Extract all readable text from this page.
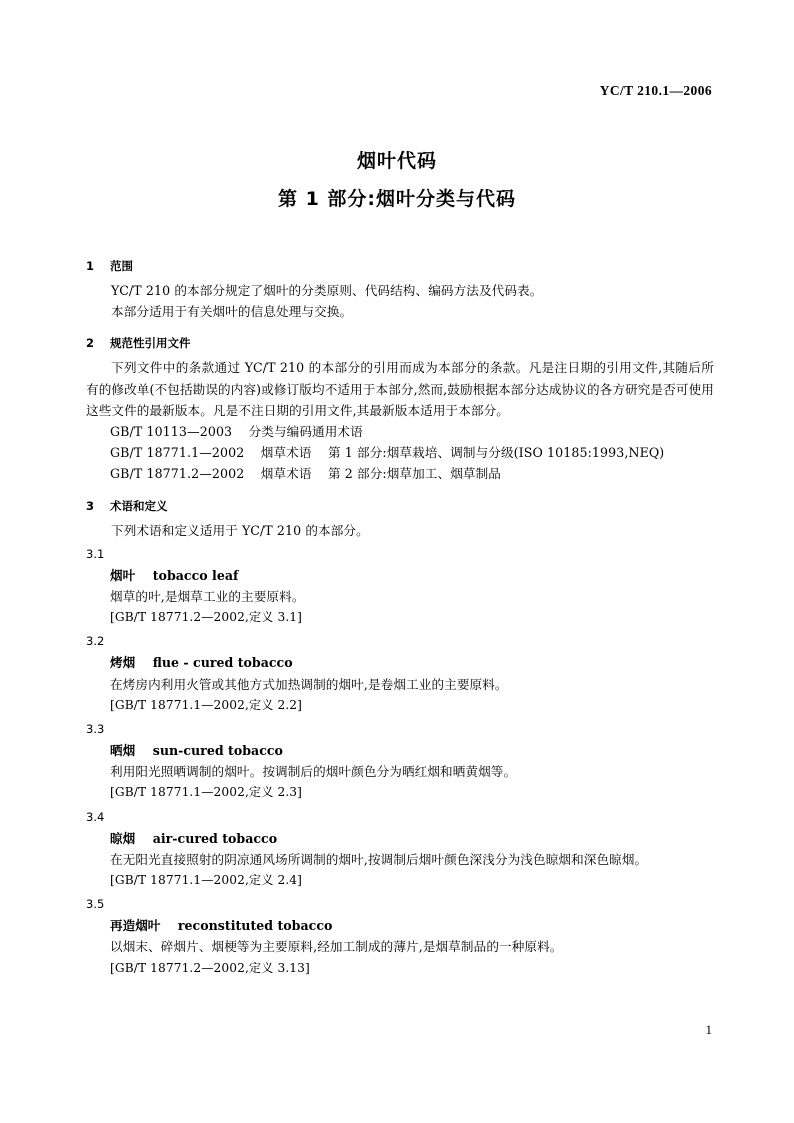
YC/T 210.1—2006
烟叶代码
第 1 部分:烟叶分类与代码
1    范围

YC/T 210 的本部分规定了烟叶的分类原则、代码结构、编码方法及代码表。

本部分适用于有关烟叶的信息处理与交换。

2    规范性引用文件

下列文件中的条款通过 YC/T 210 的本部分的引用而成为本部分的条款。凡是注日期的引用文件,其随后所有的修改单(不包括勘误的内容)或修订版均不适用于本部分,然而,鼓励根据本部分达成协议的各方研究是否可使用这些文件的最新版本。凡是不注日期的引用文件,其最新版本适用于本部分。

GB/T 10113—2003    分类与编码通用术语

GB/T 18771.1—2002    烟草术语    第 1 部分:烟草栽培、调制与分级(ISO 10185:1993,NEQ)

GB/T 18771.2—2002    烟草术语    第 2 部分:烟草加工、烟草制品

3    术语和定义

下列术语和定义适用于 YC/T 210 的本部分。

3.1

烟叶    tobacco leaf

烟草的叶,是烟草工业的主要原料。

[GB/T 18771.2—2002,定义 3.1]

3.2

烤烟    flue - cured tobacco

在烤房内利用火管或其他方式加热调制的烟叶,是卷烟工业的主要原料。

[GB/T 18771.1—2002,定义 2.2]

3.3

晒烟    sun-cured tobacco

利用阳光照晒调制的烟叶。按调制后的烟叶颜色分为晒红烟和晒黄烟等。

[GB/T 18771.1—2002,定义 2.3]

3.4

晾烟    air-cured tobacco

在无阳光直接照射的阴凉通风场所调制的烟叶,按调制后烟叶颜色深浅分为浅色晾烟和深色晾烟。

[GB/T 18771.1—2002,定义 2.4]

3.5

再造烟叶    reconstituted tobacco

以烟末、碎烟片、烟梗等为主要原料,经加工制成的薄片,是烟草制品的一种原料。

[GB/T 18771.2—2002,定义 3.13]

1
